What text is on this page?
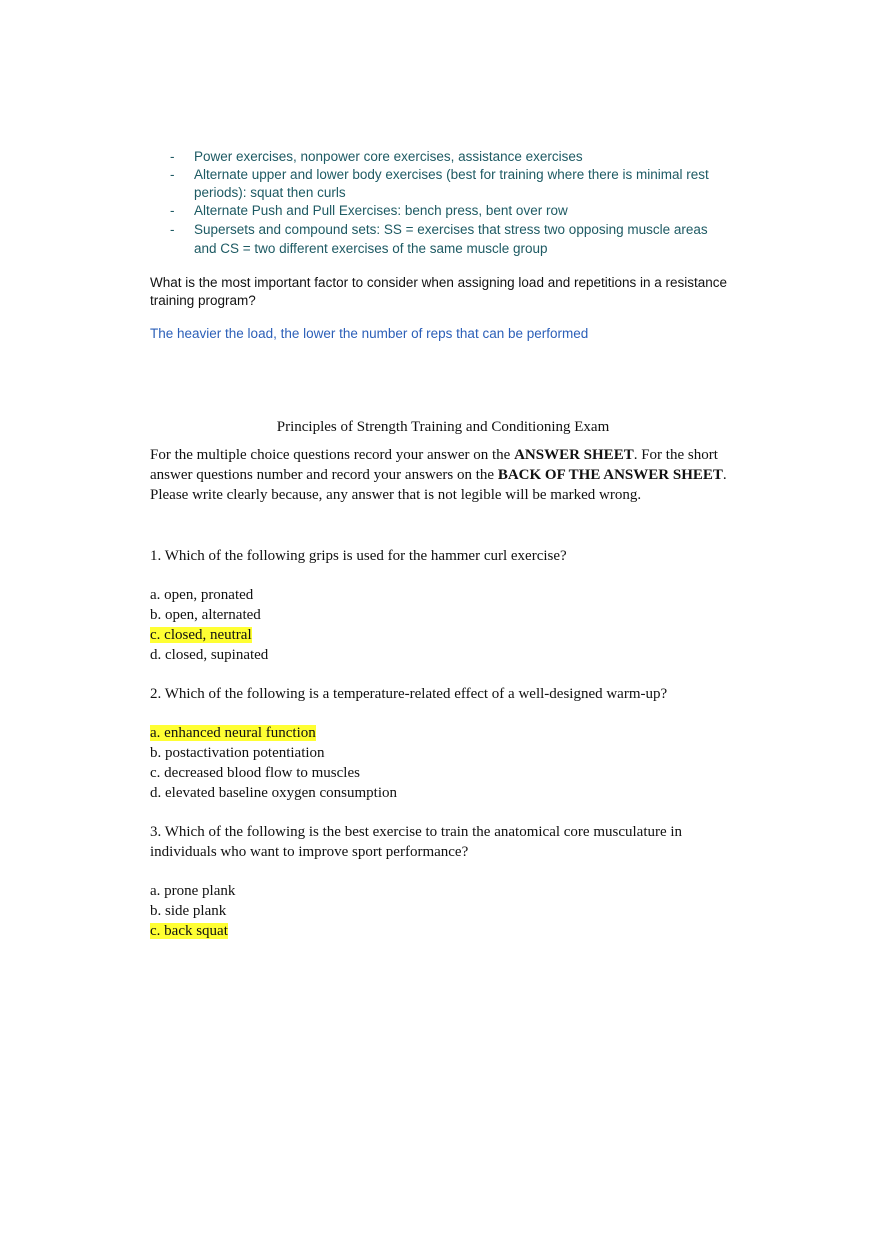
- Power exercises, nonpower core exercises, assistance exercises
- Alternate upper and lower body exercises (best for training where there is minimal rest periods): squat then curls
- Alternate Push and Pull Exercises: bench press, bent over row
- Supersets and compound sets: SS = exercises that stress two opposing muscle areas and CS = two different exercises of the same muscle group

What is the most important factor to consider when assigning load and repetitions in a resistance training program?

The heavier the load, the lower the number of reps that can be performed

Principles of Strength Training and Conditioning Exam

For the multiple choice questions record your answer on the ANSWER SHEET. For the short answer questions number and record your answers on the BACK OF THE ANSWER SHEET. Please write clearly because, any answer that is not legible will be marked wrong.

1. Which of the following grips is used for the hammer curl exercise?

a. open, pronated

b. open, alternated

c. closed, neutral

d. closed, supinated

2. Which of the following is a temperature-related effect of a well-designed warm-up?

a. enhanced neural function

b. postactivation potentiation

c. decreased blood flow to muscles

d. elevated baseline oxygen consumption

3. Which of the following is the best exercise to train the anatomical core musculature in individuals who want to improve sport performance?

a. prone plank

b. side plank

c. back squat
